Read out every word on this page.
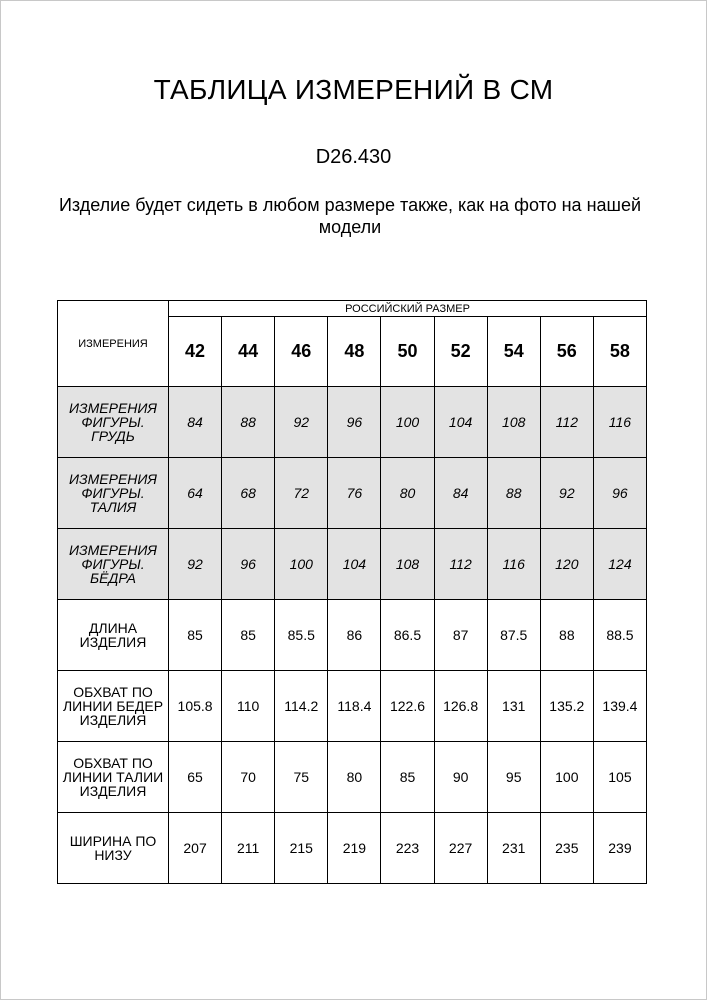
ТАБЛИЦА ИЗМЕРЕНИЙ В СМ
D26.430
Изделие будет сидеть в любом размере также, как на фото на нашей модели
ИЗМЕРЕНИЯ	РОССИЙСКИЙ РАЗМЕР								
	42	44	46	48	50	52	54	56	58
ИЗМЕРЕНИЯ ФИГУРЫ. ГРУДЬ	84	88	92	96	100	104	108	112	116
ИЗМЕРЕНИЯ ФИГУРЫ. ТАЛИЯ	64	68	72	76	80	84	88	92	96
ИЗМЕРЕНИЯ ФИГУРЫ. БЁДРА	92	96	100	104	108	112	116	120	124
ДЛИНА ИЗДЕЛИЯ	85	85	85.5	86	86.5	87	87.5	88	88.5
ОБХВАТ ПО ЛИНИИ БЕДЕР ИЗДЕЛИЯ	105.8	110	114.2	118.4	122.6	126.8	131	135.2	139.4
ОБХВАТ ПО ЛИНИИ ТАЛИИ ИЗДЕЛИЯ	65	70	75	80	85	90	95	100	105
ШИРИНА ПО НИЗУ	207	211	215	219	223	227	231	235	239
